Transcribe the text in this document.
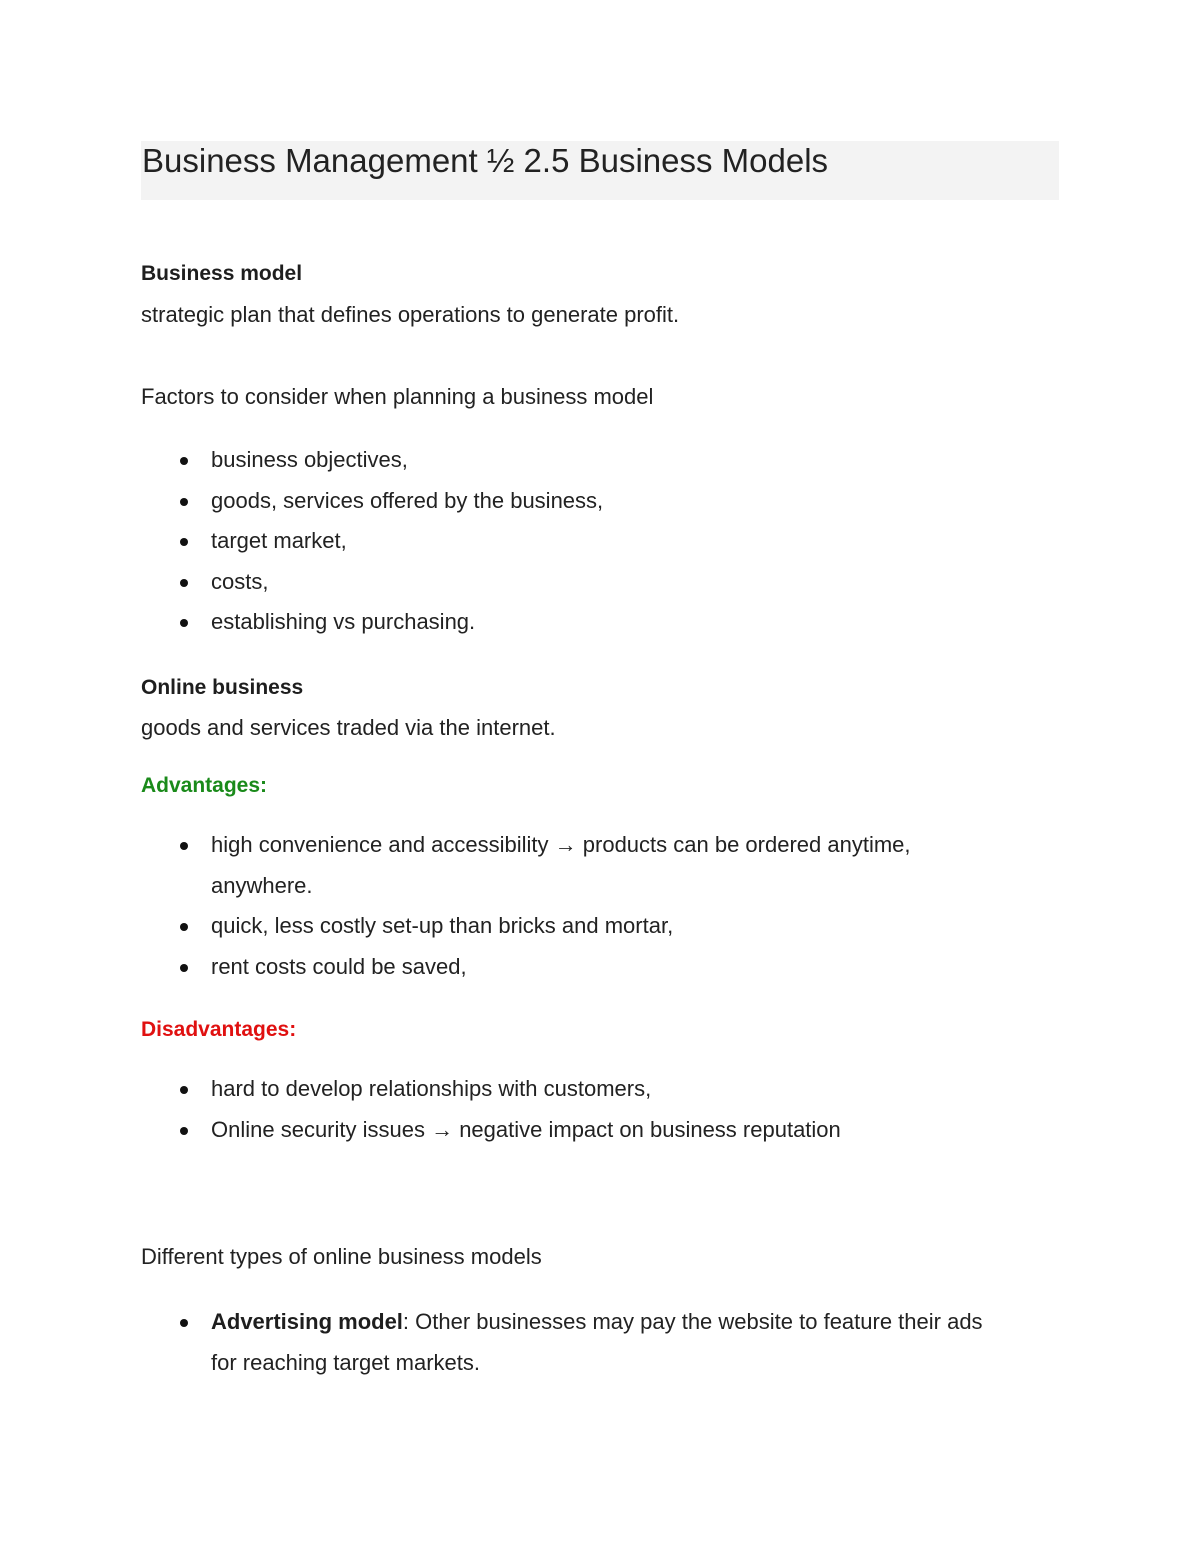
Business Management ½ 2.5 Business Models
Business model
strategic plan that defines operations to generate profit.
Factors to consider when planning a business model
business objectives,
goods, services offered by the business,
target market,
costs,
establishing vs purchasing.
Online business
goods and services traded via the internet.
Advantages:
high convenience and accessibility → products can be ordered anytime,
anywhere.
quick, less costly set-up than bricks and mortar,
rent costs could be saved,
Disadvantages:
hard to develop relationships with customers,
Online security issues → negative impact on business reputation
Different types of online business models
Advertising model: Other businesses may pay the website to feature their ads
for reaching target markets.
